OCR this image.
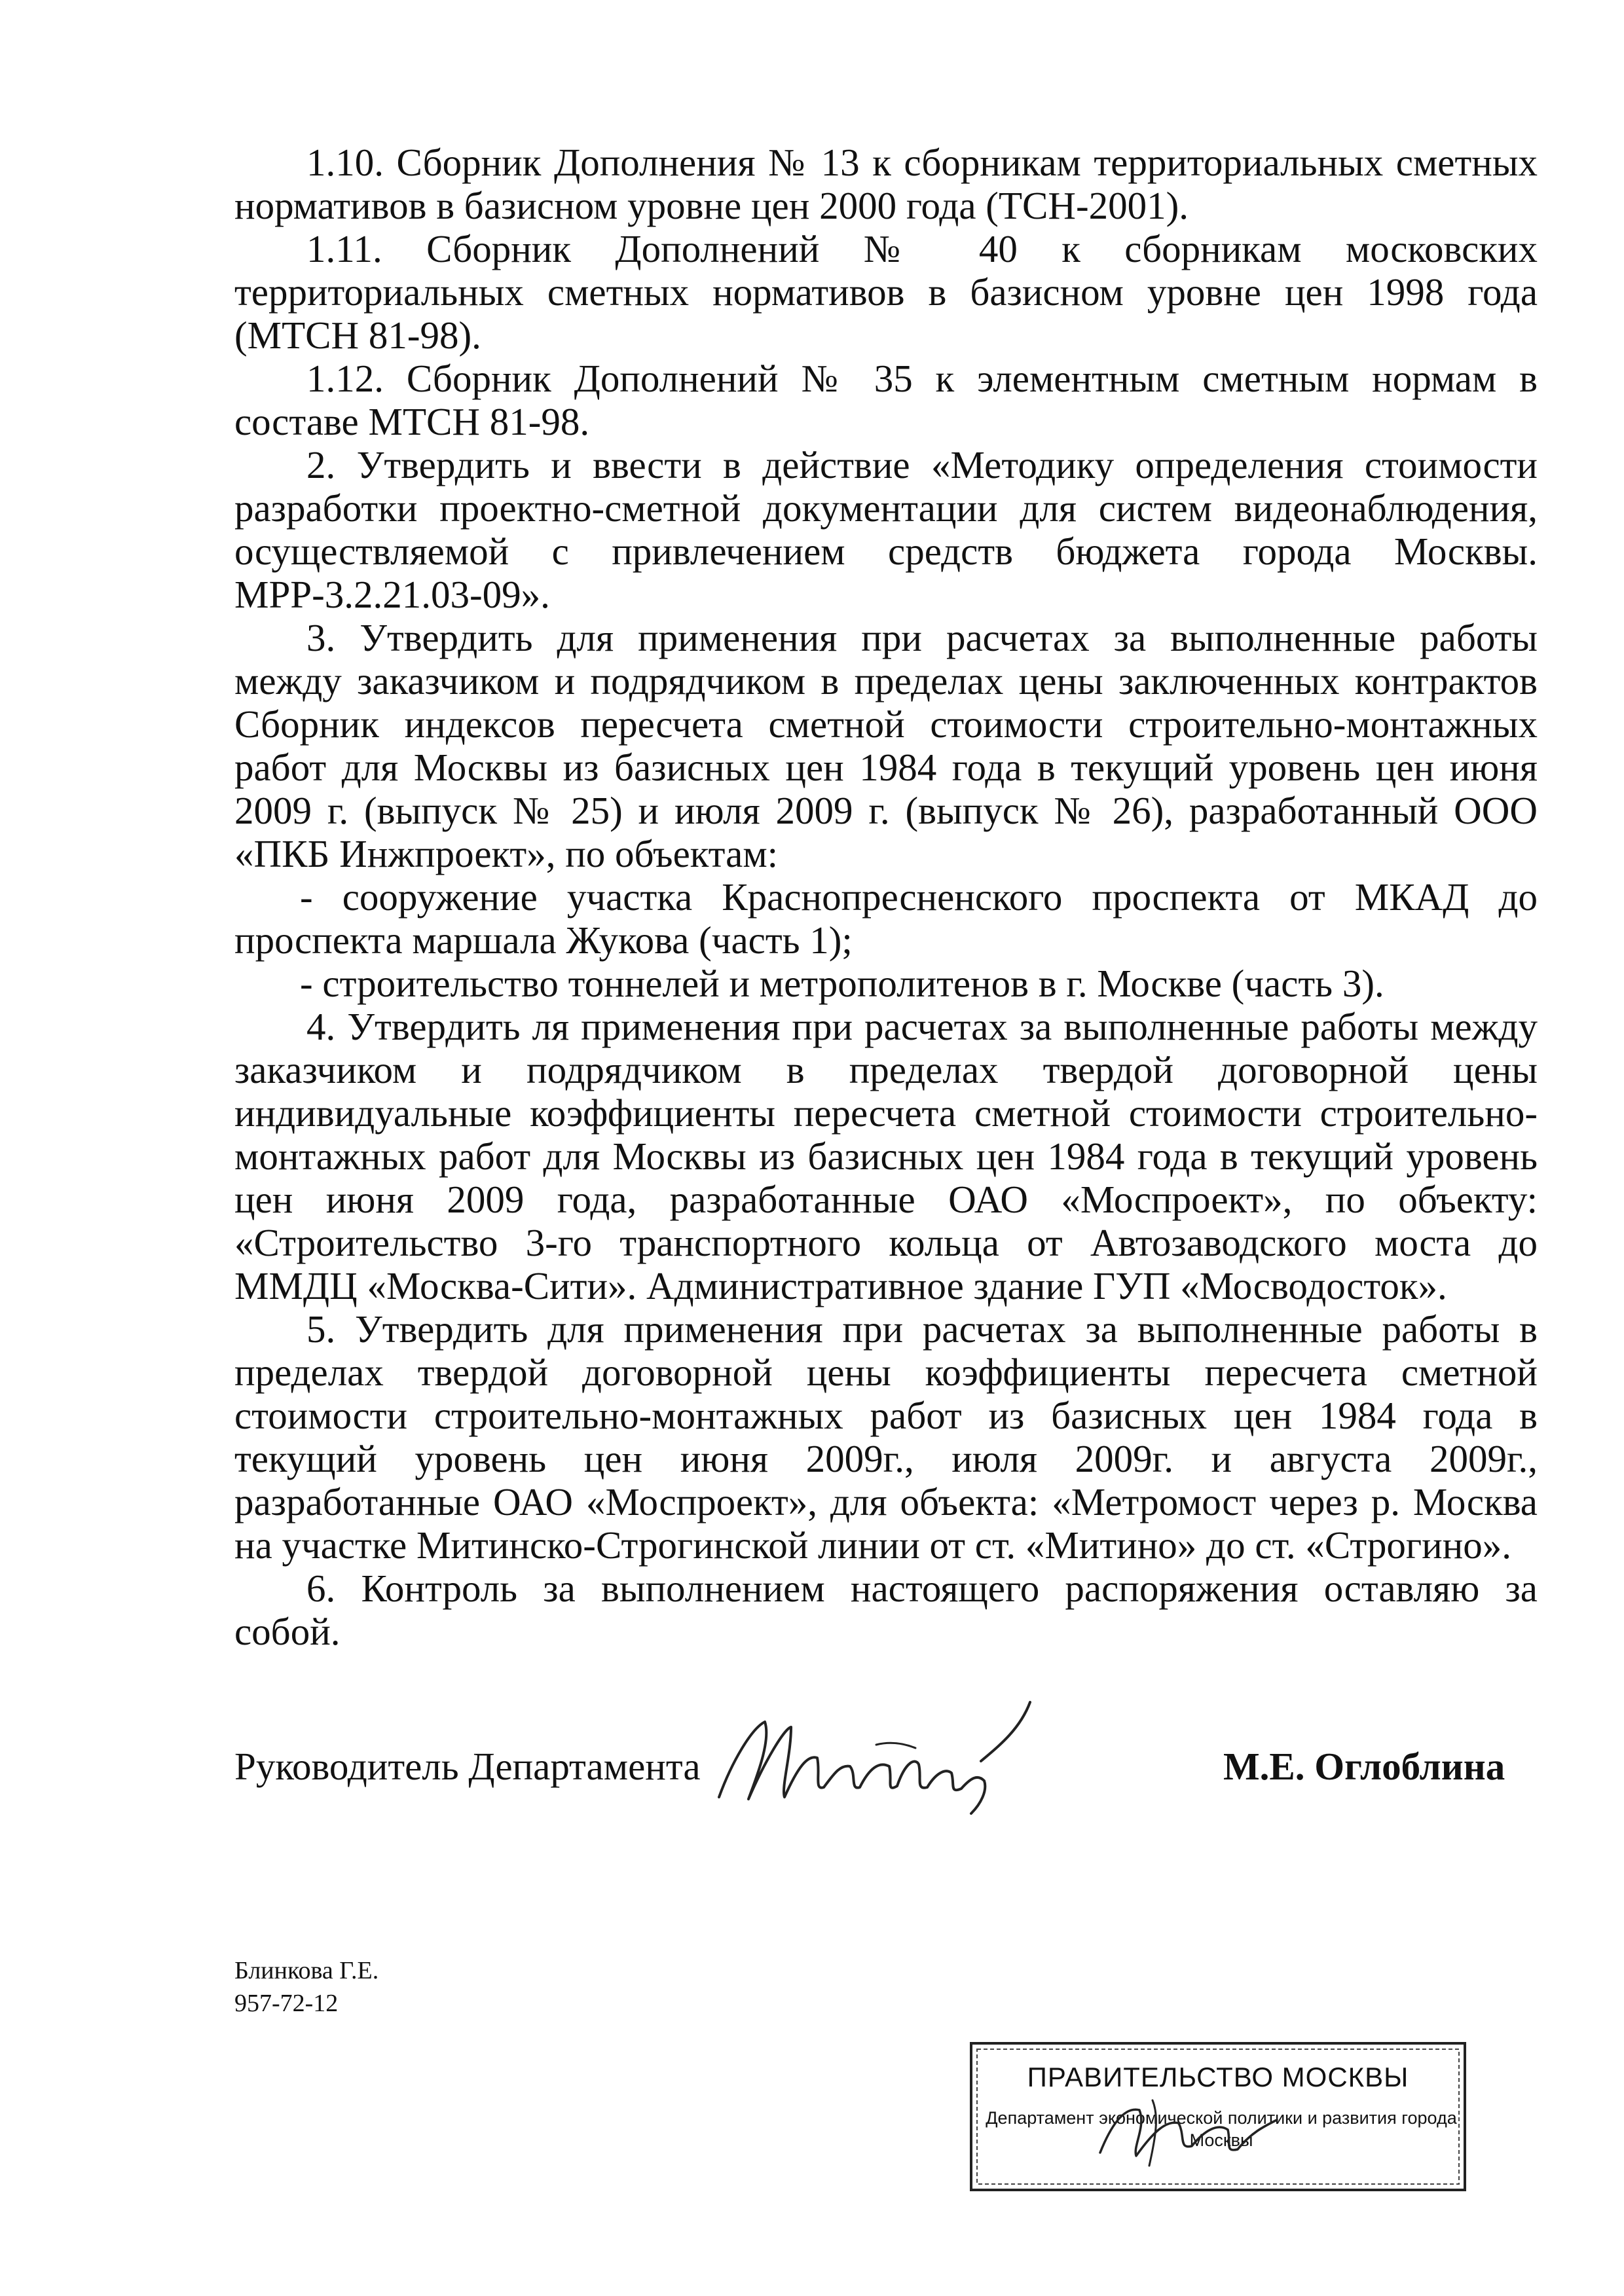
1.10. Сборник Дополнения № 13 к сборникам территориальных сметных нормативов в базисном уровне цен 2000 года (ТСН-2001).

1.11. Сборник Дополнений № 40 к сборникам московских территориальных сметных нормативов в базисном уровне цен 1998 года (МТСН 81-98).

1.12. Сборник Дополнений № 35 к элементным сметным нормам в составе МТСН 81-98.

2. Утвердить и ввести в действие «Методику определения стоимости разработки проектно-сметной документации для систем видеонаблюдения, осуществляемой с привлечением средств бюджета города Москвы. МРР-3.2.21.03-09».

3. Утвердить для применения при расчетах за выполненные работы между заказчиком и подрядчиком в пределах цены заключенных контрактов Сборник индексов пересчета сметной стоимости строительно-монтажных работ для Москвы из базисных цен 1984 года в текущий уровень цен июня 2009 г. (выпуск № 25) и июля 2009 г. (выпуск № 26), разработанный ООО «ПКБ Инжпроект», по объектам:

- сооружение участка Краснопресненского проспекта от МКАД до проспекта маршала Жукова (часть 1);

- строительство тоннелей и метрополитенов в г. Москве (часть 3).

4. Утвердить ля применения при расчетах за выполненные работы между заказчиком и подрядчиком в пределах твердой договорной цены индивидуальные коэффициенты пересчета сметной стоимости строительно-монтажных работ для Москвы из базисных цен 1984 года в текущий уровень цен июня 2009 года, разработанные ОАО «Моспроект», по объекту: «Строительство 3-го транспортного кольца от Автозаводского моста до ММДЦ «Москва-Сити». Административное здание ГУП «Мосводосток».

5. Утвердить для применения при расчетах за выполненные работы в пределах твердой договорной цены коэффициенты пересчета сметной стоимости строительно-монтажных работ из базисных цен 1984 года в текущий уровень цен июня 2009г., июля 2009г. и августа 2009г., разработанные ОАО «Моспроект», для объекта: «Метромост через р. Москва на участке Митинско-Строгинской линии от ст. «Митино» до ст. «Строгино».

6. Контроль за выполнением настоящего распоряжения оставляю за собой.

Руководитель Департамента	М.Е. Оглоблина
Блинкова Г.Е.
957-72-12
ПРАВИТЕЛЬСТВО МОСКВЫ
Департамент экономической политики и развития города Москвы
